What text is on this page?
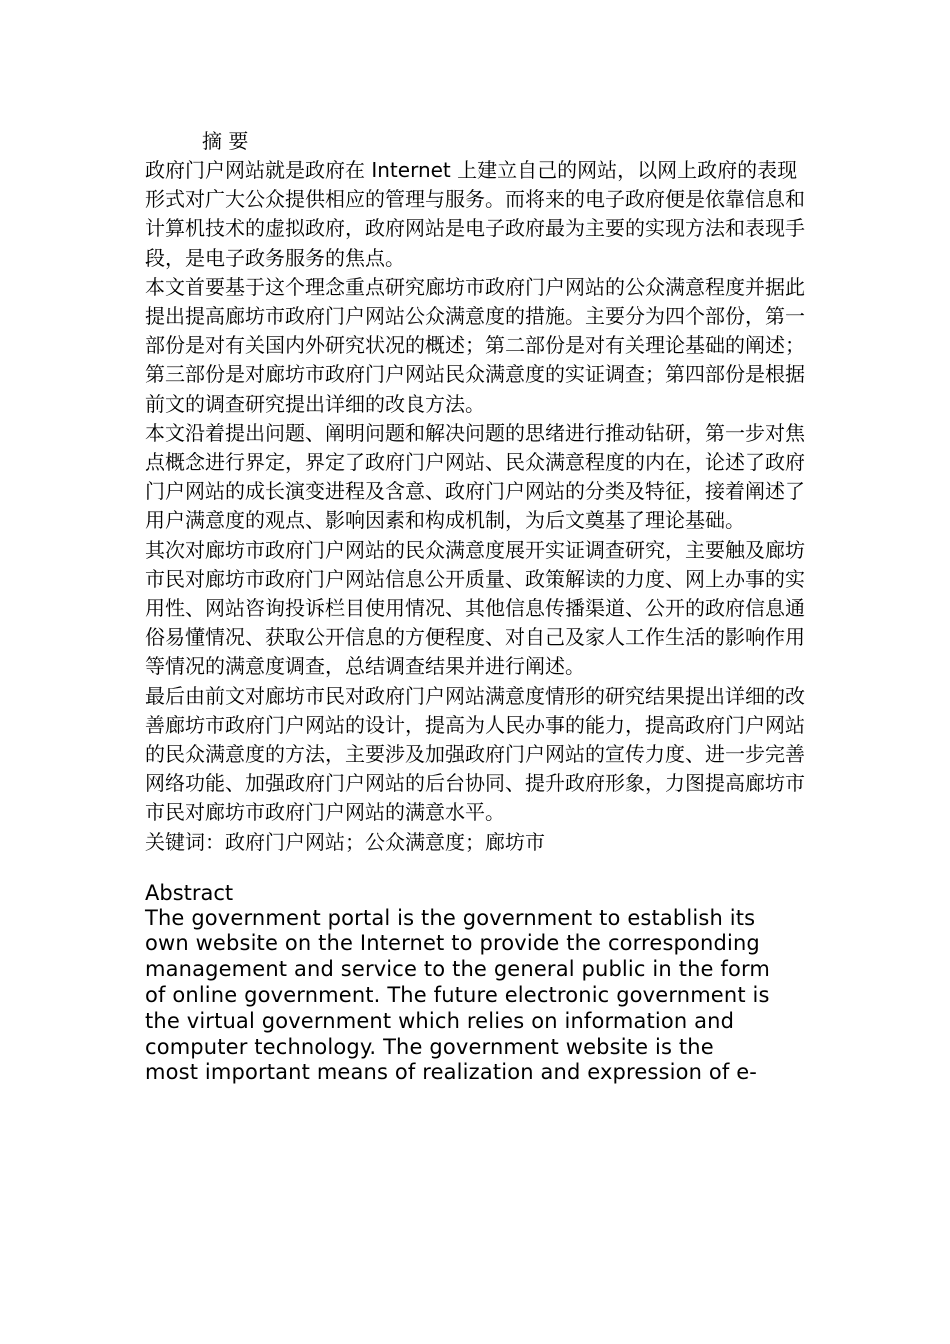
摘 要

政府门户网站就是政府在 Internet 上建立自己的网站，以网上政府的表现形式对广大公众提供相应的管理与服务。而将来的电子政府便是依靠信息和计算机技术的虚拟政府，政府网站是电子政府最为主要的实现方法和表现手段，是电子政务服务的焦点。

本文首要基于这个理念重点研究廊坊市政府门户网站的公众满意程度并据此提出提高廊坊市政府门户网站公众满意度的措施。主要分为四个部份，第一部份是对有关国内外研究状况的概述；第二部份是对有关理论基础的阐述；第三部份是对廊坊市政府门户网站民众满意度的实证调查；第四部份是根据前文的调查研究提出详细的改良方法。

本文沿着提出问题、阐明问题和解决问题的思绪进行推动钻研，第一步对焦点概念进行界定，界定了政府门户网站、民众满意程度的内在，论述了政府门户网站的成长演变进程及含意、政府门户网站的分类及特征，接着阐述了用户满意度的观点、影响因素和构成机制，为后文奠基了理论基础。

其次对廊坊市政府门户网站的民众满意度展开实证调查研究，主要触及廊坊市民对廊坊市政府门户网站信息公开质量、政策解读的力度、网上办事的实用性、网站咨询投诉栏目使用情况、其他信息传播渠道、公开的政府信息通俗易懂情况、获取公开信息的方便程度、对自己及家人工作生活的影响作用等情况的满意度调查，总结调查结果并进行阐述。

最后由前文对廊坊市民对政府门户网站满意度情形的研究结果提出详细的改善廊坊市政府门户网站的设计，提高为人民办事的能力，提高政府门户网站的民众满意度的方法，主要涉及加强政府门户网站的宣传力度、进一步完善网络功能、加强政府门户网站的后台协同、提升政府形象，力图提高廊坊市市民对廊坊市政府门户网站的满意水平。

关键词：政府门户网站；公众满意度；廊坊市

Abstract

The government portal is the government to establish its
own website on the Internet to provide the corresponding
management and service to the general public in the form
of online government. The future electronic government is
the virtual government which relies on information and
computer technology. The government website is the
most important means of realization and expression of e-
